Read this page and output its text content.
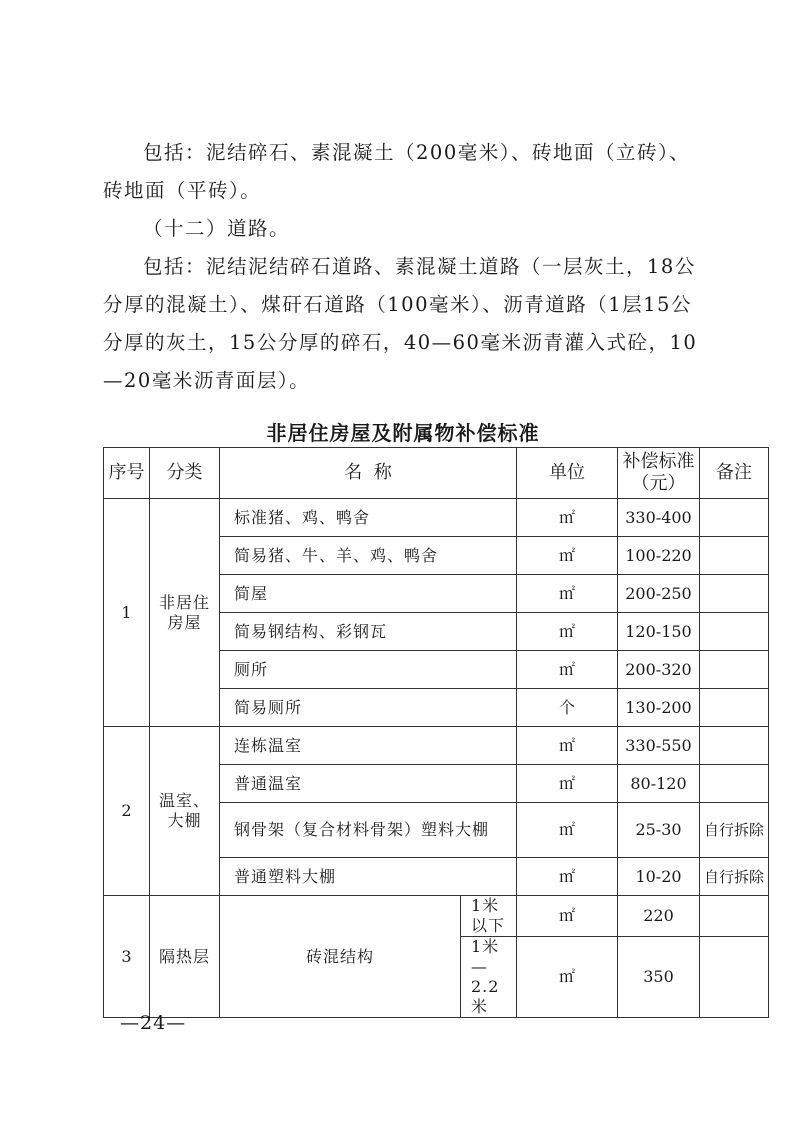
包括：泥结碎石、素混凝土（200毫米）、砖地面（立砖）、砖地面（平砖）。

（十二）道路。

包括：泥结泥结碎石道路、素混凝土道路（一层灰土，18公分厚的混凝土）、煤矸石道路（100毫米）、沥青道路（1层15公分厚的灰土，15公分厚的碎石，40—60毫米沥青灌入式砼，10—20毫米沥青面层）。

非居住房屋及附属物补偿标准
序号	分类	名  称		单位	补偿标准（元）	备注
1	非居住房屋	标准猪、鸡、鸭舍		㎡	330-400	
		简易猪、牛、羊、鸡、鸭舍		㎡	100-220	
		简屋		㎡	200-250	
		简易钢结构、彩钢瓦		㎡	120-150	
		厕所		㎡	200-320	
		简易厕所		个	130-200	
2	温室、大棚	连栋温室		㎡	330-550	
		普通温室		㎡	80-120	
		钢骨架（复合材料骨架）塑料大棚		㎡	25-30	自行拆除
		普通塑料大棚		㎡	10-20	自行拆除
3	隔热层	砖混结构	1米以下	㎡	220	
			1米—2.2米	㎡	350	
—24—
